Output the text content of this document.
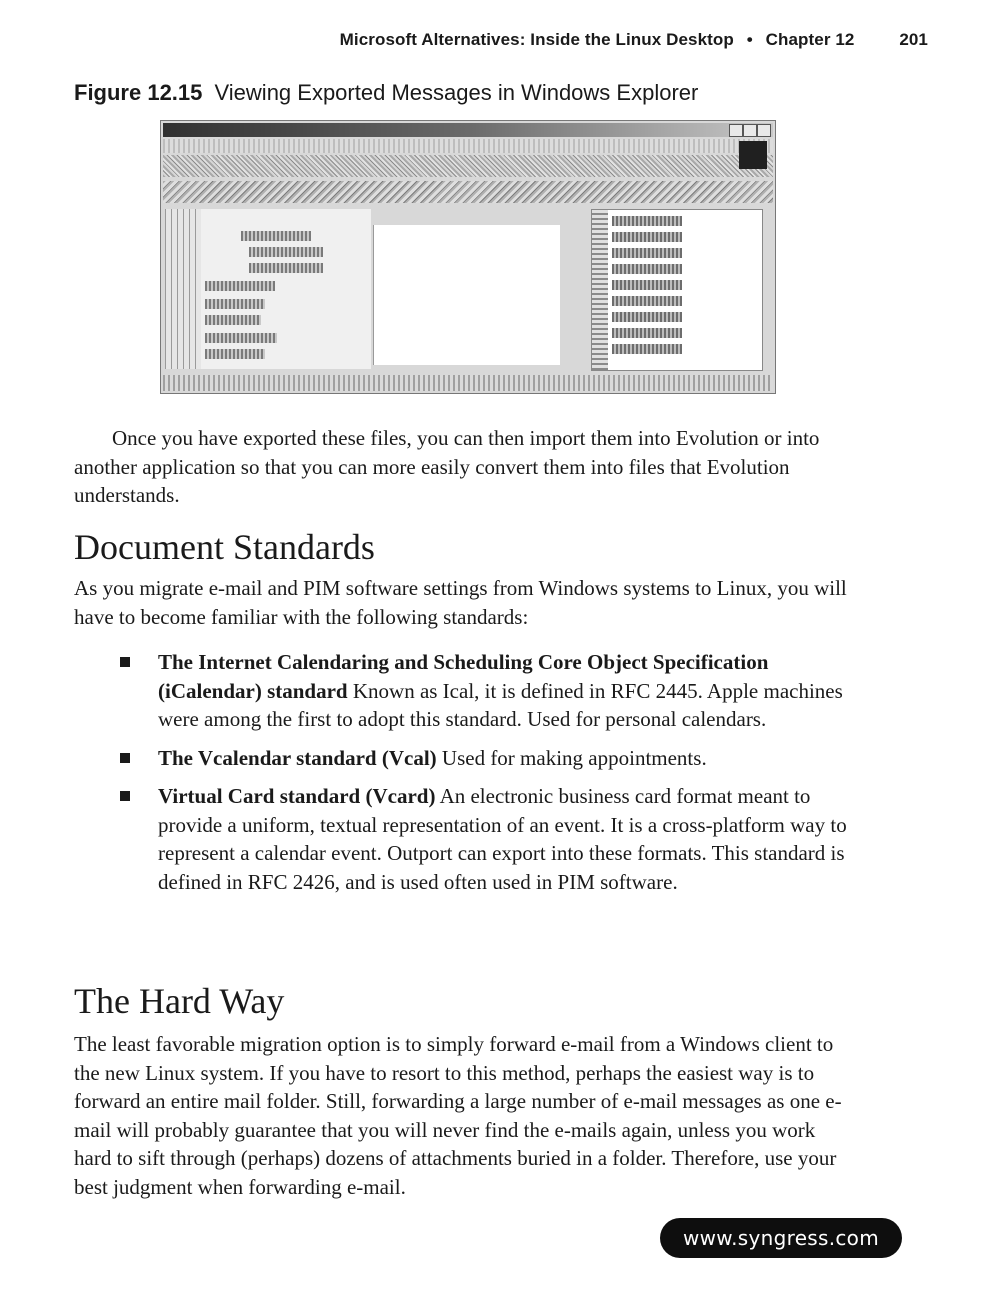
Microsoft Alternatives: Inside the Linux Desktop • Chapter 12	201
Figure 12.15 Viewing Exported Messages in Windows Explorer

Once you have exported these files, you can then import them into Evolution or into another application so that you can more easily convert them into files that Evolution understands.

Document Standards

As you migrate e-mail and PIM software settings from Windows systems to Linux, you will have to become familiar with the following standards:

The Internet Calendaring and Scheduling Core Object Specification (iCalendar) standard Known as Ical, it is defined in RFC 2445. Apple machines were among the first to adopt this standard. Used for personal calendars.
The Vcalendar standard (Vcal) Used for making appointments.
Virtual Card standard (Vcard) An electronic business card format meant to provide a uniform, textual representation of an event. It is a cross-platform way to represent a calendar event. Outport can export into these formats. This standard is defined in RFC 2426, and is used often used in PIM software.
The Hard Way

The least favorable migration option is to simply forward e-mail from a Windows client to the new Linux system. If you have to resort to this method, perhaps the easiest way is to forward an entire mail folder. Still, forwarding a large number of e-mail messages as one e-mail will probably guarantee that you will never find the e-mails again, unless you work hard to sift through (perhaps) dozens of attachments buried in a folder. Therefore, use your best judgment when forwarding e-mail.

www.syngress.com
